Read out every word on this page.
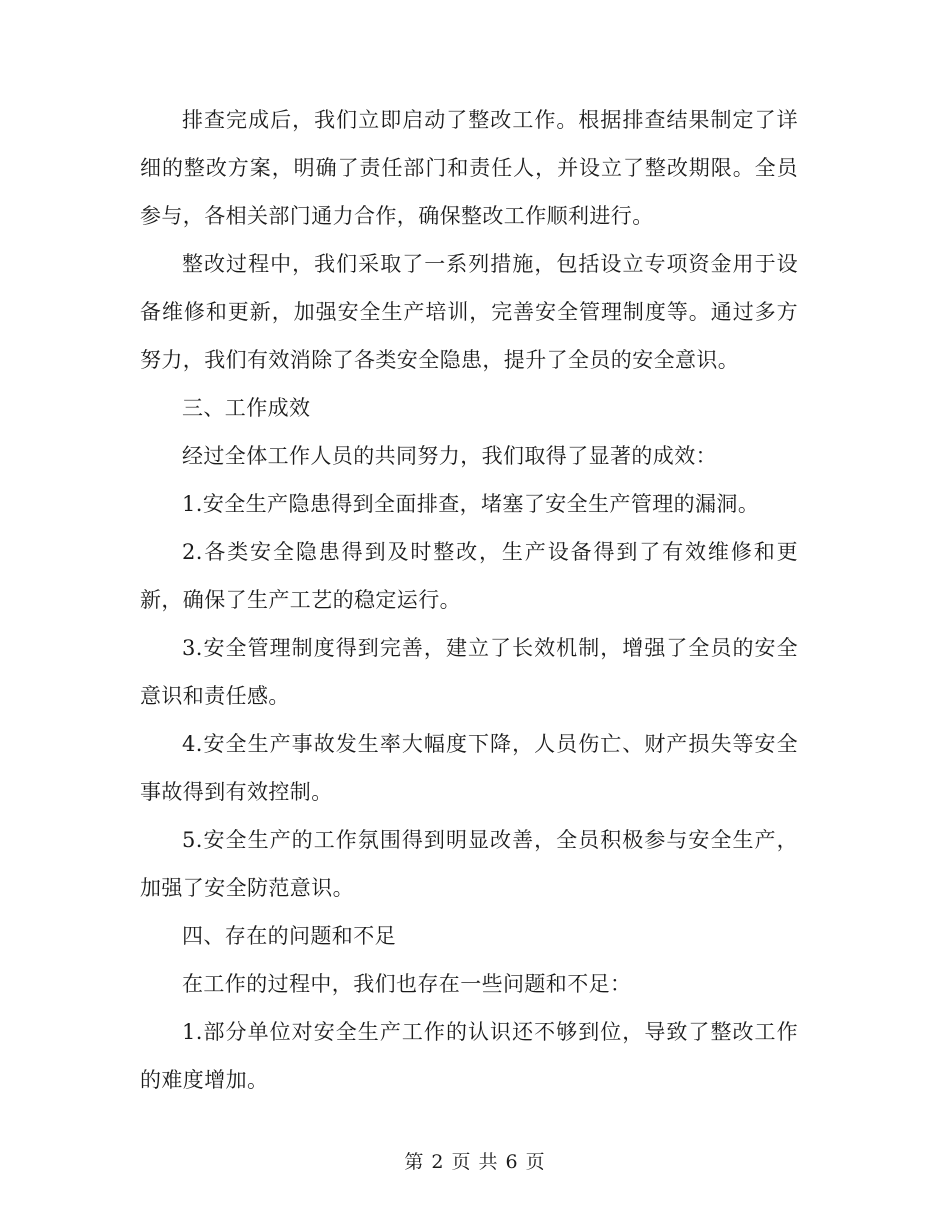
排查完成后，我们立即启动了整改工作。根据排查结果制定了详细的整改方案，明确了责任部门和责任人，并设立了整改期限。全员参与，各相关部门通力合作，确保整改工作顺利进行。

整改过程中，我们采取了一系列措施，包括设立专项资金用于设备维修和更新，加强安全生产培训，完善安全管理制度等。通过多方努力，我们有效消除了各类安全隐患，提升了全员的安全意识。

三、工作成效

经过全体工作人员的共同努力，我们取得了显著的成效：

1.安全生产隐患得到全面排查，堵塞了安全生产管理的漏洞。

2.各类安全隐患得到及时整改，生产设备得到了有效维修和更新，确保了生产工艺的稳定运行。

3.安全管理制度得到完善，建立了长效机制，增强了全员的安全意识和责任感。

4.安全生产事故发生率大幅度下降，人员伤亡、财产损失等安全事故得到有效控制。

5.安全生产的工作氛围得到明显改善，全员积极参与安全生产，加强了安全防范意识。

四、存在的问题和不足

在工作的过程中，我们也存在一些问题和不足：

1.部分单位对安全生产工作的认识还不够到位，导致了整改工作的难度增加。

第 2 页 共 6 页
